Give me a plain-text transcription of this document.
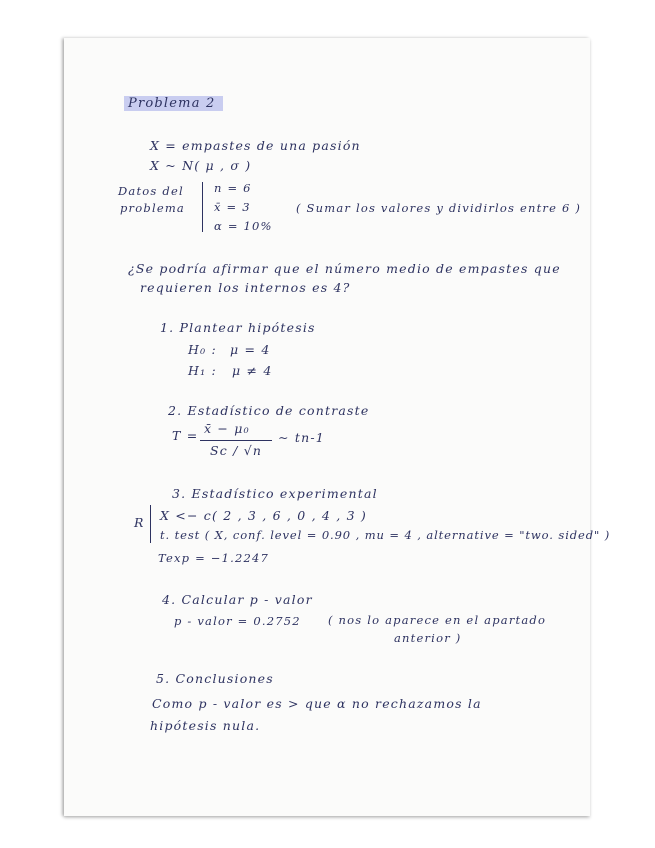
Problema 2
X = empastes de una pasión
X ~ N( μ , σ )
Datos del
problema
n = 6
x̄ = 3
α = 10%
( Sumar los valores y dividirlos entre 6 )
¿Se podría afirmar que el número medio de empastes que
requieren los internos es 4?
1. Plantear hipótesis
H₀ : μ = 4
H₁ : μ ≠ 4
2. Estadístico de contraste
T = x̄ − μ₀
Sc / √n
∼ tn-1
3. Estadístico experimental
R X <− c( 2 , 3 , 6 , 0 , 4 , 3 )
t. test ( X, conf. level = 0.90 , mu = 4 , alternative = "two. sided" )
Texp = −1.2247
4. Calcular p - valor
p - valor = 0.2752 ( nos lo aparece en el apartado
anterior )
5. Conclusiones
Como p - valor es > que α no rechazamos la
hipótesis nula.
